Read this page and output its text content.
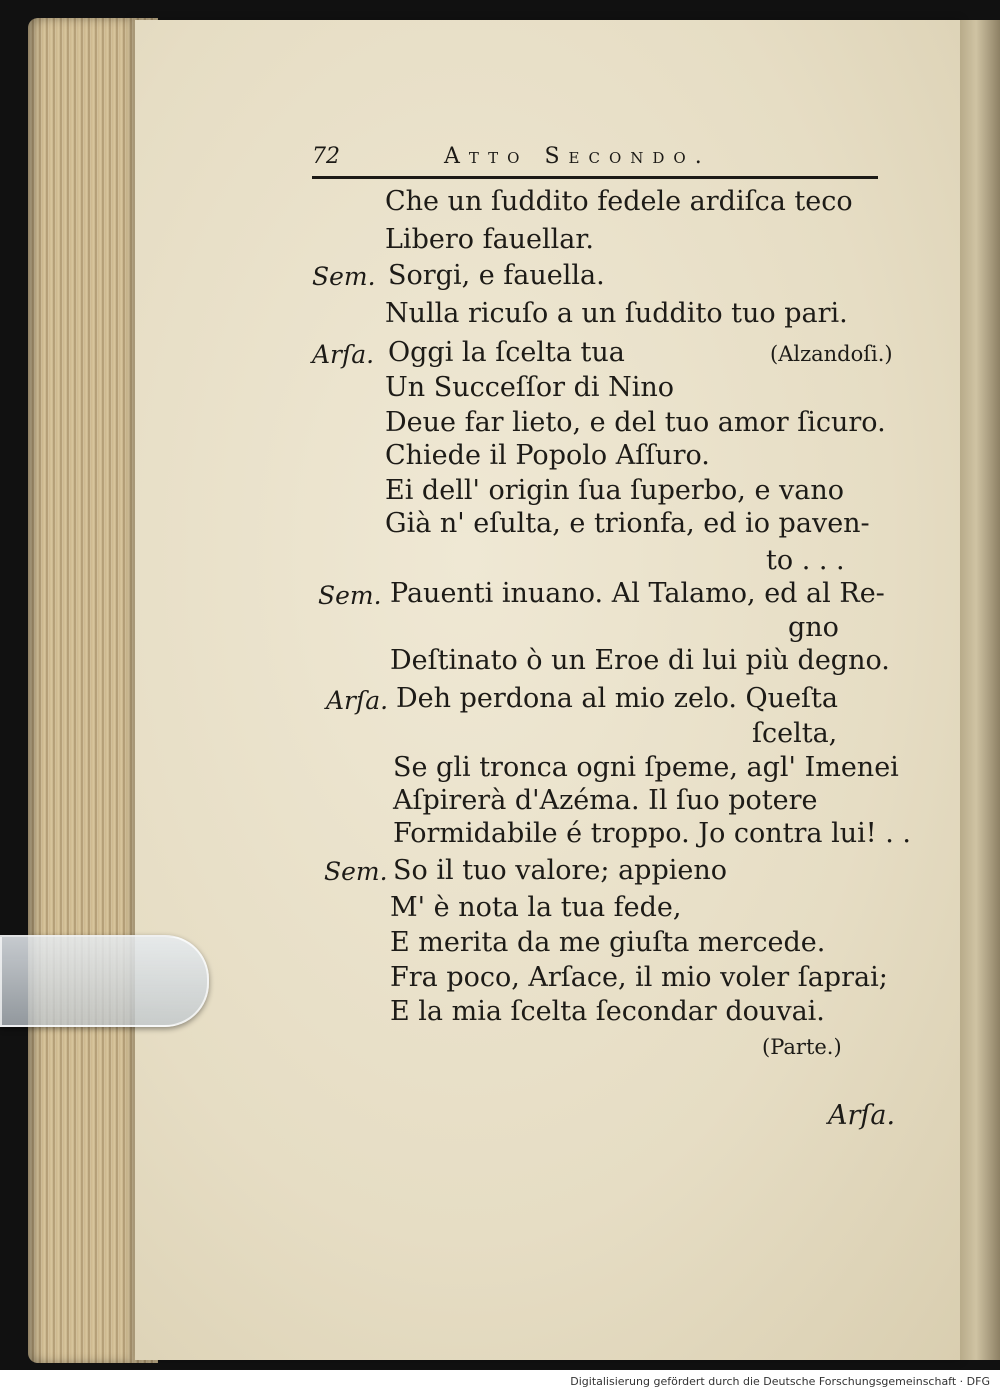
72	Atto Secondo.
Che un ſuddito fedele ardiſca teco
Libero fauellar.
Sem. Sorgi, e fauella.
Nulla ricuſo a un ſuddito tuo pari.
Arſa. Oggi la ſcelta tua	(Alzandoſi.)
Un Succeſſor di Nino
Deue far lieto, e del tuo amor ſicuro.
Chiede il Popolo Aſſuro.
Ei dell' origin ſua ſuperbo, e vano
Già n' eſulta, e trionfa, ed io paven-
to . . .
Sem. Pauenti inuano. Al Talamo, ed al Re-
gno
Deſtinato ò un Eroe di lui più degno.
Arſa. Deh perdona al mio zelo. Queſta
ſcelta,
Se gli tronca ogni ſpeme, agl' Imenei
Aſpirerà d'Azéma. Il ſuo potere
Formidabile é troppo. Jo contra lui! . .
Sem. So il tuo valore; appieno
M' è nota la tua fede,
E merita da me giuſta mercede.
Fra poco, Arſace, il mio voler ſaprai;
E la mia ſcelta ſecondar douvai.
(Parte.)
Arſa.
Digitalisierung gefördert durch die Deutsche Forschungsgemeinschaft · DFG
